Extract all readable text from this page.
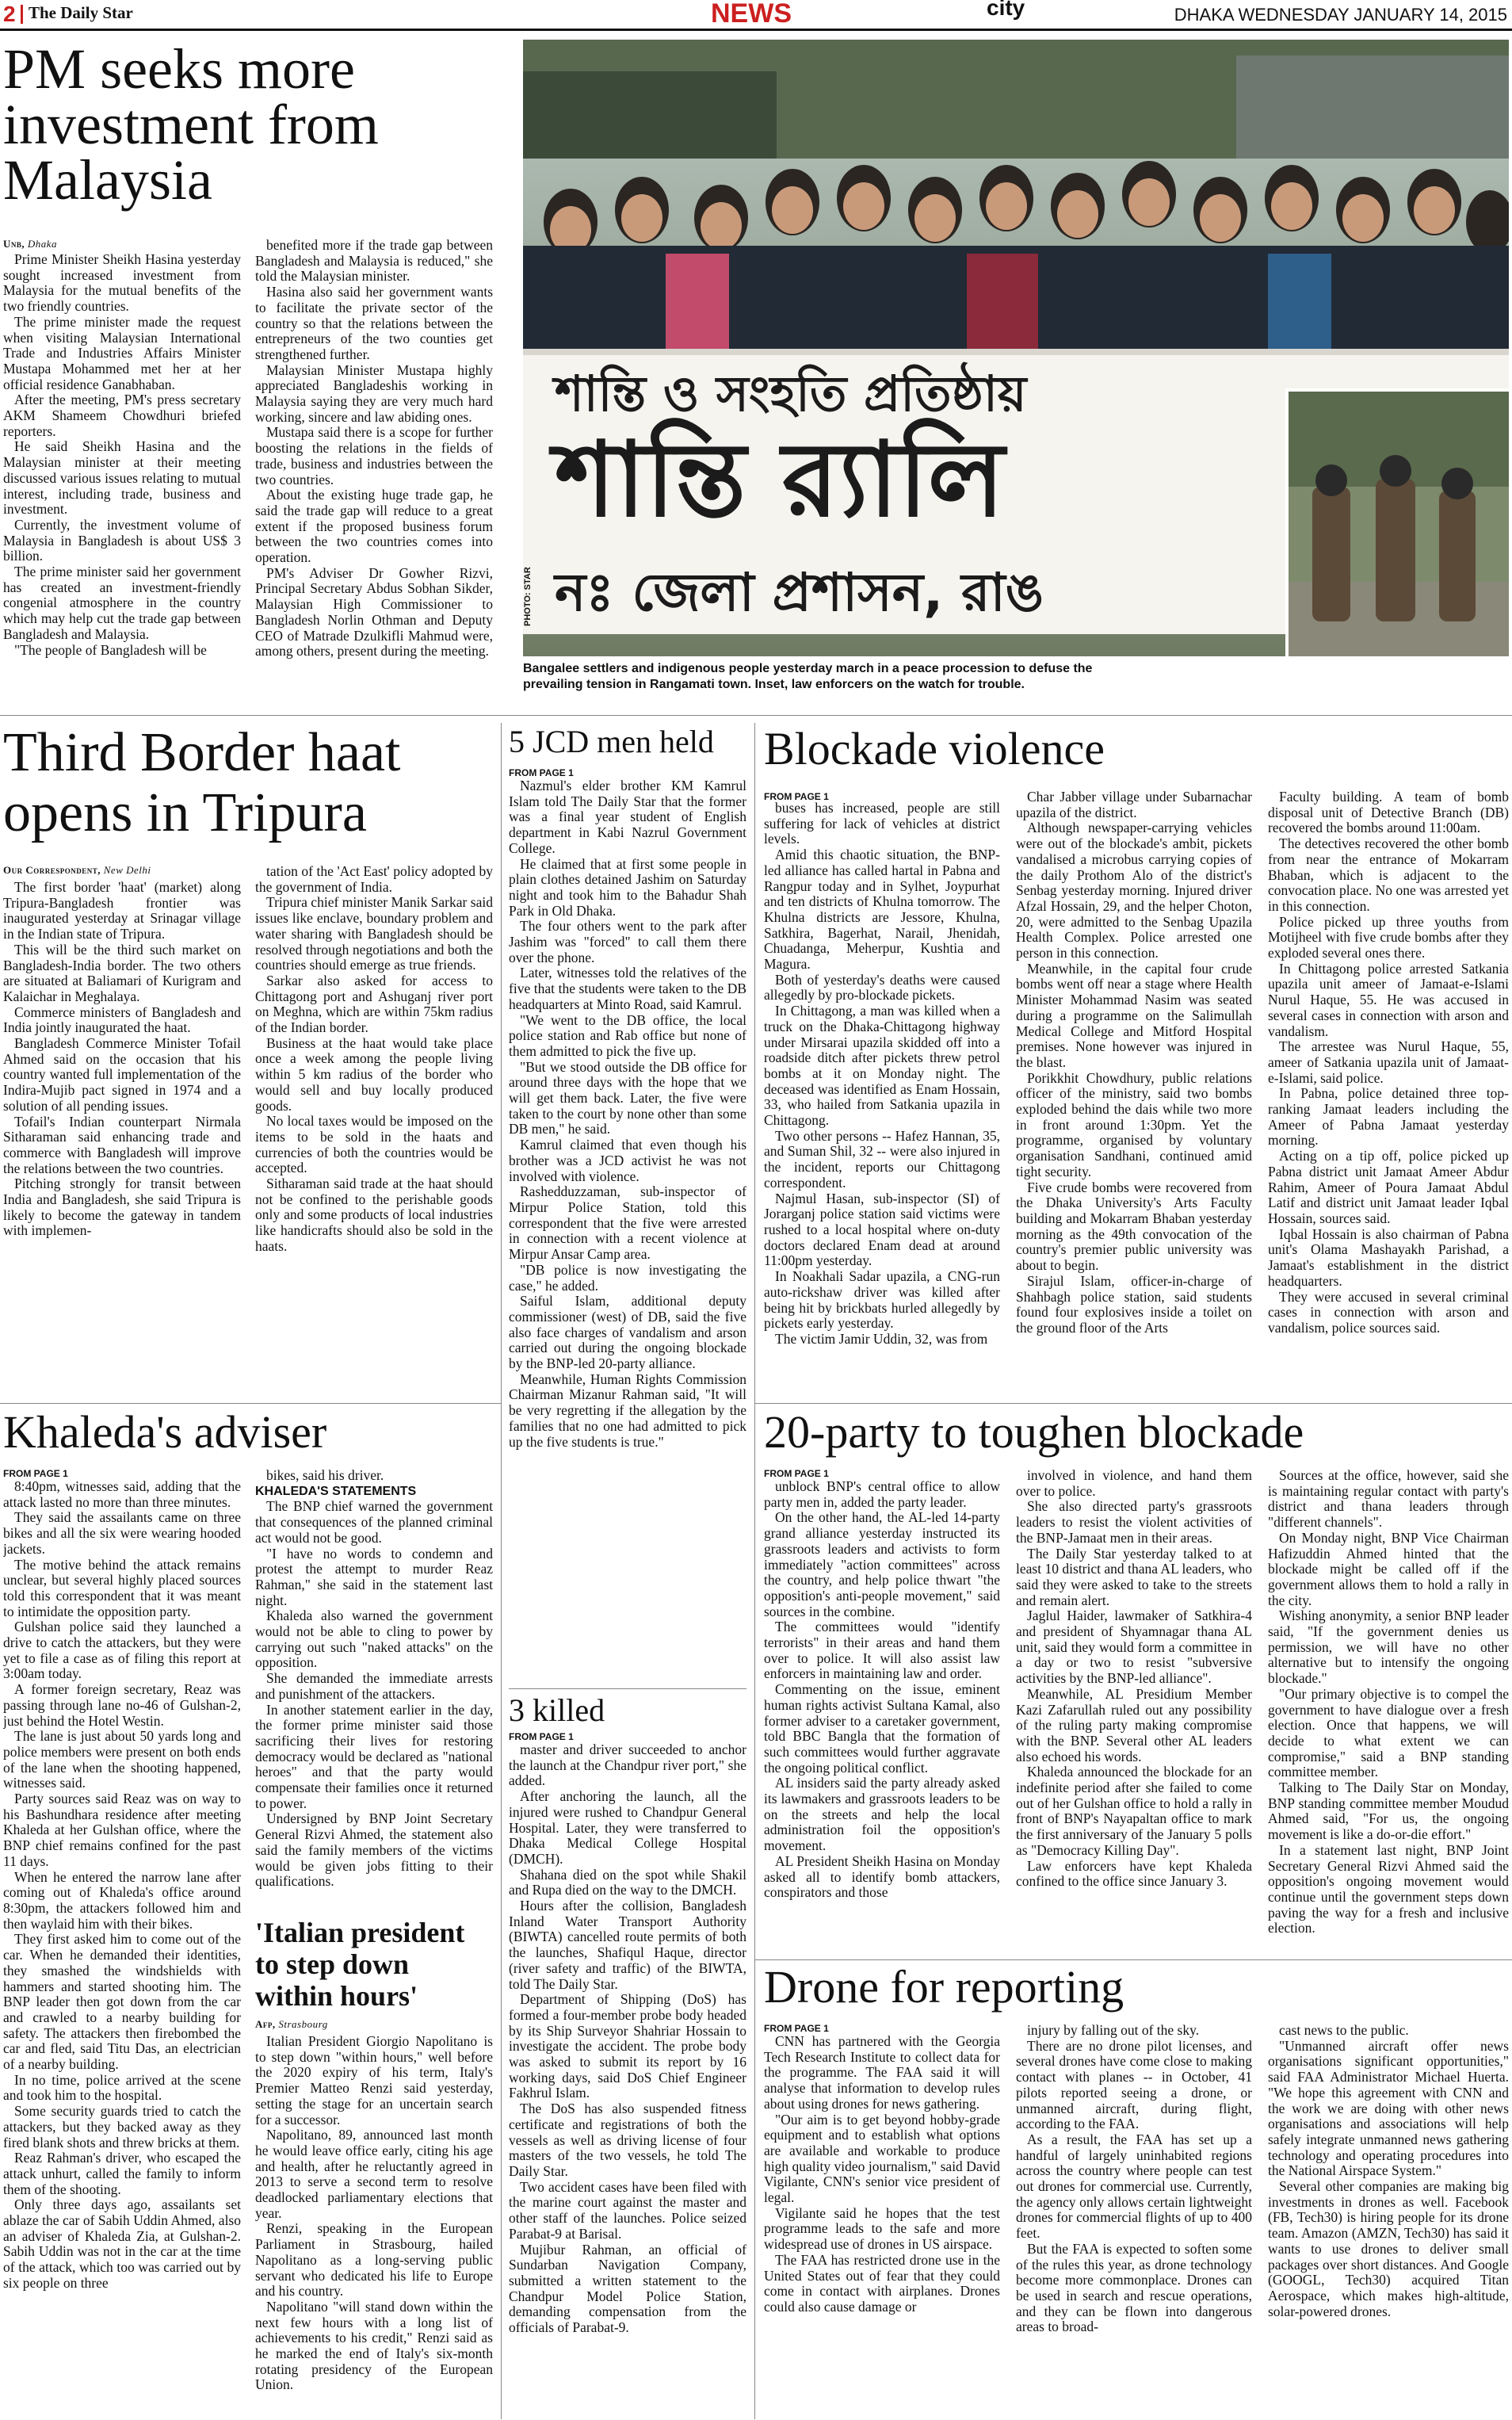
2 The Daily Star	NEWS	city	DHAKA WEDNESDAY JANUARY 14, 2015
PM seeks more investment from Malaysia
Unb, Dhaka

Prime Minister Sheikh Hasina yesterday sought increased investment from Malaysia for the mutual benefits of the two friendly countries.

The prime minister made the request when visiting Malaysian International Trade and Industries Affairs Minister Mustapa Mohammed met her at her official residence Ganabhaban.

After the meeting, PM's press secretary AKM Shameem Chowdhuri briefed reporters.

He said Sheikh Hasina and the Malaysian minister at their meeting discussed various issues relating to mutual interest, including trade, business and investment.

Currently, the investment volume of Malaysia in Bangladesh is about US$ 3 billion.

The prime minister said her government has created an investment-friendly congenial atmosphere in the country which may help cut the trade gap between Bangladesh and Malaysia.

"The people of Bangladesh will be

benefited more if the trade gap between Bangladesh and Malaysia is reduced," she told the Malaysian minister.

Hasina also said her government wants to facilitate the private sector of the country so that the relations between the entrepreneurs of the two counties get strengthened further.

Malaysian Minister Mustapa highly appreciated Bangladeshis working in Malaysia saying they are very much hard working, sincere and law abiding ones.

Mustapa said there is a scope for further boosting the relations in the fields of trade, business and industries between the two countries.

About the existing huge trade gap, he said the trade gap will reduce to a great extent if the proposed business forum between the two countries comes into operation.

PM's Adviser Dr Gowher Rizvi, Principal Secretary Abdus Sobhan Sikder, Malaysian High Commissioner to Bangladesh Norlin Othman and Deputy CEO of Matrade Dzulkifli Mahmud were, among others, present during the meeting.

শান্তি ও সংহতি প্রতিষ্ঠায়
শান্তি র‍্যালি
নঃ জেলা প্রশাসন, রাঙ
PHOTO: STAR
Bangalee settlers and indigenous people yesterday march in a peace procession to defuse the prevailing tension in Rangamati town. Inset, law enforcers on the watch for trouble.
Third Border haat opens in Tripura
Our Correspondent, New Delhi

The first border 'haat' (market) along Tripura-Bangladesh frontier was inaugurated yesterday at Srinagar village in the Indian state of Tripura.

This will be the third such market on Bangladesh-India border. The two others are situated at Baliamari of Kurigram and Kalaichar in Meghalaya.

Commerce ministers of Bangladesh and India jointly inaugurated the haat.

Bangladesh Commerce Minister Tofail Ahmed said on the occasion that his country wanted full implementation of the Indira-Mujib pact signed in 1974 and a solution of all pending issues.

Tofail's Indian counterpart Nirmala Sitharaman said enhancing trade and commerce with Bangladesh will improve the relations between the two countries.

Pitching strongly for transit between India and Bangladesh, she said Tripura is likely to become the gateway in tandem with implemen-

tation of the 'Act East' policy adopted by the government of India.

Tripura chief minister Manik Sarkar said issues like enclave, boundary problem and water sharing with Bangladesh should be resolved through negotiations and both the countries should emerge as true friends.

Sarkar also asked for access to Chittagong port and Ashuganj river port on Meghna, which are within 75km radius of the Indian border.

Business at the haat would take place once a week among the people living within 5 km radius of the border who would sell and buy locally produced goods.

No local taxes would be imposed on the items to be sold in the haats and currencies of both the countries would be accepted.

Sitharaman said trade at the haat should not be confined to the perishable goods only and some products of local industries like handicrafts should also be sold in the haats.

5 JCD men held
FROM PAGE 1

Nazmul's elder brother KM Kamrul Islam told The Daily Star that the former was a final year student of English department in Kabi Nazrul Government College.

He claimed that at first some people in plain clothes detained Jashim on Saturday night and took him to the Bahadur Shah Park in Old Dhaka.

The four others went to the park after Jashim was "forced" to call them there over the phone.

Later, witnesses told the relatives of the five that the students were taken to the DB headquarters at Minto Road, said Kamrul.

"We went to the DB office, the local police station and Rab office but none of them admitted to pick the five up.

"But we stood outside the DB office for around three days with the hope that we will get them back. Later, the five were taken to the court by none other than some DB men," he said.

Kamrul claimed that even though his brother was a JCD activist he was not involved with violence.

Rashedduzzaman, sub-inspector of Mirpur Police Station, told this correspondent that the five were arrested in connection with a recent violence at Mirpur Ansar Camp area.

"DB police is now investigating the case," he added.

Saiful Islam, additional deputy commissioner (west) of DB, said the five also face charges of vandalism and arson carried out during the ongoing blockade by the BNP-led 20-party alliance.

Meanwhile, Human Rights Commission Chairman Mizanur Rahman said, "It will be very regretting if the allegation by the families that no one had admitted to pick up the five students is true."

Blockade violence
FROM PAGE 1

buses has increased, people are still suffering for lack of vehicles at district levels.

Amid this chaotic situation, the BNP-led alliance has called hartal in Pabna and Rangpur today and in Sylhet, Joypurhat and ten districts of Khulna tomorrow. The Khulna districts are Jessore, Khulna, Satkhira, Bagerhat, Narail, Jhenidah, Chuadanga, Meherpur, Kushtia and Magura.

Both of yesterday's deaths were caused allegedly by pro-blockade pickets.

In Chittagong, a man was killed when a truck on the Dhaka-Chittagong highway under Mirsarai upazila skidded off into a roadside ditch after pickets threw petrol bombs at it on Monday night. The deceased was identified as Enam Hossain, 33, who hailed from Satkania upazila in Chittagong.

Two other persons -- Hafez Hannan, 35, and Suman Shil, 32 -- were also injured in the incident, reports our Chittagong correspondent.

Najmul Hasan, sub-inspector (SI) of Jorarganj police station said victims were rushed to a local hospital where on-duty doctors declared Enam dead at around 11:00pm yesterday.

In Noakhali Sadar upazila, a CNG-run auto-rickshaw driver was killed after being hit by brickbats hurled allegedly by pickets early yesterday.

The victim Jamir Uddin, 32, was from

Char Jabber village under Subarnachar upazila of the district.

Although newspaper-carrying vehicles were out of the blockade's ambit, pickets vandalised a microbus carrying copies of the daily Prothom Alo of the district's Senbag yesterday morning. Injured driver Afzal Hossain, 29, and the helper Choton, 20, were admitted to the Senbag Upazila Health Complex. Police arrested one person in this connection.

Meanwhile, in the capital four crude bombs went off near a stage where Health Minister Mohammad Nasim was seated during a programme on the Salimullah Medical College and Mitford Hospital premises. None however was injured in the blast.

Porikkhit Chowdhury, public relations officer of the ministry, said two bombs exploded behind the dais while two more in front around 1:30pm. Yet the programme, organised by voluntary organisation Sandhani, continued amid tight security.

Five crude bombs were recovered from the Dhaka University's Arts Faculty building and Mokarram Bhaban yesterday morning as the 49th convocation of the country's premier public university was about to begin.

Sirajul Islam, officer-in-charge of Shahbagh police station, said students found four explosives inside a toilet on the ground floor of the Arts

Faculty building. A team of bomb disposal unit of Detective Branch (DB) recovered the bombs around 11:00am.

The detectives recovered the other bomb from near the entrance of Mokarram Bhaban, which is adjacent to the convocation place. No one was arrested yet in this connection.

Police picked up three youths from Motijheel with five crude bombs after they exploded several ones there.

In Chittagong police arrested Satkania upazila unit ameer of Jamaat-e-Islami Nurul Haque, 55. He was accused in several cases in connection with arson and vandalism.

The arrestee was Nurul Haque, 55, ameer of Satkania upazila unit of Jamaat-e-Islami, said police.

In Pabna, police detained three top-ranking Jamaat leaders including the Ameer of Pabna Jamaat yesterday morning.

Acting on a tip off, police picked up Pabna district unit Jamaat Ameer Abdur Rahim, Ameer of Poura Jamaat Abdul Latif and district unit Jamaat leader Iqbal Hossain, sources said.

Iqbal Hossain is also chairman of Pabna unit's Olama Mashayakh Parishad, a Jamaat's establishment in the district headquarters.

They were accused in several criminal cases in connection with arson and vandalism, police sources said.

Khaleda's adviser
FROM PAGE 1

8:40pm, witnesses said, adding that the attack lasted no more than three minutes.

They said the assailants came on three bikes and all the six were wearing hooded jackets.

The motive behind the attack remains unclear, but several highly placed sources told this correspondent that it was meant to intimidate the opposition party.

Gulshan police said they launched a drive to catch the attackers, but they were yet to file a case as of filing this report at 3:00am today.

A former foreign secretary, Reaz was passing through lane no-46 of Gulshan-2, just behind the Hotel Westin.

The lane is just about 50 yards long and police members were present on both ends of the lane when the shooting happened, witnesses said.

Party sources said Reaz was on way to his Bashundhara residence after meeting Khaleda at her Gulshan office, where the BNP chief remains confined for the past 11 days.

When he entered the narrow lane after coming out of Khaleda's office around 8:30pm, the attackers followed him and then waylaid him with their bikes.

They first asked him to come out of the car. When he demanded their identities, they smashed the windshields with hammers and started shooting him. The BNP leader then got down from the car and crawled to a nearby building for safety. The attackers then firebombed the car and fled, said Titu Das, an electrician of a nearby building.

In no time, police arrived at the scene and took him to the hospital.

Some security guards tried to catch the attackers, but they backed away as they fired blank shots and threw bricks at them.

Reaz Rahman's driver, who escaped the attack unhurt, called the family to inform them of the shooting.

Only three days ago, assailants set ablaze the car of Sabih Uddin Ahmed, also an adviser of Khaleda Zia, at Gulshan-2. Sabih Uddin was not in the car at the time of the attack, which too was carried out by six people on three

bikes, said his driver.

KHALEDA'S STATEMENTS

The BNP chief warned the government that consequences of the planned criminal act would not be good.

"I have no words to condemn and protest the attempt to murder Reaz Rahman," she said in the statement last night.

Khaleda also warned the government would not be able to cling to power by carrying out such "naked attacks" on the opposition.

She demanded the immediate arrests and punishment of the attackers.

In another statement earlier in the day, the former prime minister said those sacrificing their lives for restoring democracy would be declared as "national heroes" and that the party would compensate their families once it returned to power.

Undersigned by BNP Joint Secretary General Rizvi Ahmed, the statement also said the family members of the victims would be given jobs fitting to their qualifications.

'Italian president to step down within hours'
Afp, Strasbourg

Italian President Giorgio Napolitano is to step down "within hours," well before the 2020 expiry of his term, Italy's Premier Matteo Renzi said yesterday, setting the stage for an uncertain search for a successor.

Napolitano, 89, announced last month he would leave office early, citing his age and health, after he reluctantly agreed in 2013 to serve a second term to resolve deadlocked parliamentary elections that year.

Renzi, speaking in the European Parliament in Strasbourg, hailed Napolitano as a long-serving public servant who dedicated his life to Europe and his country.

Napolitano "will stand down within the next few hours with a long list of achievements to his credit," Renzi said as he marked the end of Italy's six-month rotating presidency of the European Union.

3 killed
FROM PAGE 1

master and driver succeeded to anchor the launch at the Chandpur river port," she added.

After anchoring the launch, all the injured were rushed to Chandpur General Hospital. Later, they were transferred to Dhaka Medical College Hospital (DMCH).

Shahana died on the spot while Shakil and Rupa died on the way to the DMCH.

Hours after the collision, Bangladesh Inland Water Transport Authority (BIWTA) cancelled route permits of both the launches, Shafiqul Haque, director (river safety and traffic) of the BIWTA, told The Daily Star.

Department of Shipping (DoS) has formed a four-member probe body headed by its Ship Surveyor Shahriar Hossain to investigate the accident. The probe body was asked to submit its report by 16 working days, said DoS Chief Engineer Fakhrul Islam.

The DoS has also suspended fitness certificate and registrations of both the vessels as well as driving license of four masters of the two vessels, he told The Daily Star.

Two accident cases have been filed with the marine court against the master and other staff of the launches. Police seized Parabat-9 at Barisal.

Mujibur Rahman, an official of Sundarban Navigation Company, submitted a written statement to the Chandpur Model Police Station, demanding compensation from the officials of Parabat-9.

20-party to toughen blockade
FROM PAGE 1

unblock BNP's central office to allow party men in, added the party leader.

On the other hand, the AL-led 14-party grand alliance yesterday instructed its grassroots leaders and activists to form immediately "action committees" across the country, and help police thwart "the opposition's anti-people movement," said sources in the combine.

The committees would "identify terrorists" in their areas and hand them over to police. It will also assist law enforcers in maintaining law and order.

Commenting on the issue, eminent human rights activist Sultana Kamal, also former adviser to a caretaker government, told BBC Bangla that the formation of such committees would further aggravate the ongoing political conflict.

AL insiders said the party already asked its lawmakers and grassroots leaders to be on the streets and help the local administration foil the opposition's movement.

AL President Sheikh Hasina on Monday asked all to identify bomb attackers, conspirators and those

involved in violence, and hand them over to police.

She also directed party's grassroots leaders to resist the violent activities of the BNP-Jamaat men in their areas.

The Daily Star yesterday talked to at least 10 district and thana AL leaders, who said they were asked to take to the streets and remain alert.

Jaglul Haider, lawmaker of Satkhira-4 and president of Shyamnagar thana AL unit, said they would form a committee in a day or two to resist "subversive activities by the BNP-led alliance".

Meanwhile, AL Presidium Member Kazi Zafarullah ruled out any possibility of the ruling party making compromise with the BNP. Several other AL leaders also echoed his words.

Khaleda announced the blockade for an indefinite period after she failed to come out of her Gulshan office to hold a rally in front of BNP's Nayapaltan office to mark the first anniversary of the January 5 polls as "Democracy Killing Day".

Law enforcers have kept Khaleda confined to the office since January 3.

Sources at the office, however, said she is maintaining regular contact with party's district and thana leaders through "different channels".

On Monday night, BNP Vice Chairman Hafizuddin Ahmed hinted that the blockade might be called off if the government allows them to hold a rally in the city.

Wishing anonymity, a senior BNP leader said, "If the government denies us permission, we will have no other alternative but to intensify the ongoing blockade."

"Our primary objective is to compel the government to have dialogue over a fresh election. Once that happens, we will decide to what extent we can compromise," said a BNP standing committee member.

Talking to The Daily Star on Monday, BNP standing committee member Moudud Ahmed said, "For us, the ongoing movement is like a do-or-die effort."

In a statement last night, BNP Joint Secretary General Rizvi Ahmed said the opposition's ongoing movement would continue until the government steps down paving the way for a fresh and inclusive election.

Drone for reporting
FROM PAGE 1

CNN has partnered with the Georgia Tech Research Institute to collect data for the programme. The FAA said it will analyse that information to develop rules about using drones for news gathering.

"Our aim is to get beyond hobby-grade equipment and to establish what options are available and workable to produce high quality video journalism," said David Vigilante, CNN's senior vice president of legal.

Vigilante said he hopes that the test programme leads to the safe and more widespread use of drones in US airspace.

The FAA has restricted drone use in the United States out of fear that they could come in contact with airplanes. Drones could also cause damage or

injury by falling out of the sky.

There are no drone pilot licenses, and several drones have come close to making contact with planes -- in October, 41 pilots reported seeing a drone, or unmanned aircraft, during flight, according to the FAA.

As a result, the FAA has set up a handful of largely uninhabited regions across the country where people can test out drones for commercial use. Currently, the agency only allows certain lightweight drones for commercial flights of up to 400 feet.

But the FAA is expected to soften some of the rules this year, as drone technology become more commonplace. Drones can be used in search and rescue operations, and they can be flown into dangerous areas to broad-

cast news to the public.

"Unmanned aircraft offer news organisations significant opportunities," said FAA Administrator Michael Huerta. "We hope this agreement with CNN and the work we are doing with other news organisations and associations will help safely integrate unmanned news gathering technology and operating procedures into the National Airspace System."

Several other companies are making big investments in drones as well. Facebook (FB, Tech30) is hiring people for its drone team. Amazon (AMZN, Tech30) has said it wants to use drones to deliver small packages over short distances. And Google (GOOGL, Tech30) acquired Titan Aerospace, which makes high-altitude, solar-powered drones.
